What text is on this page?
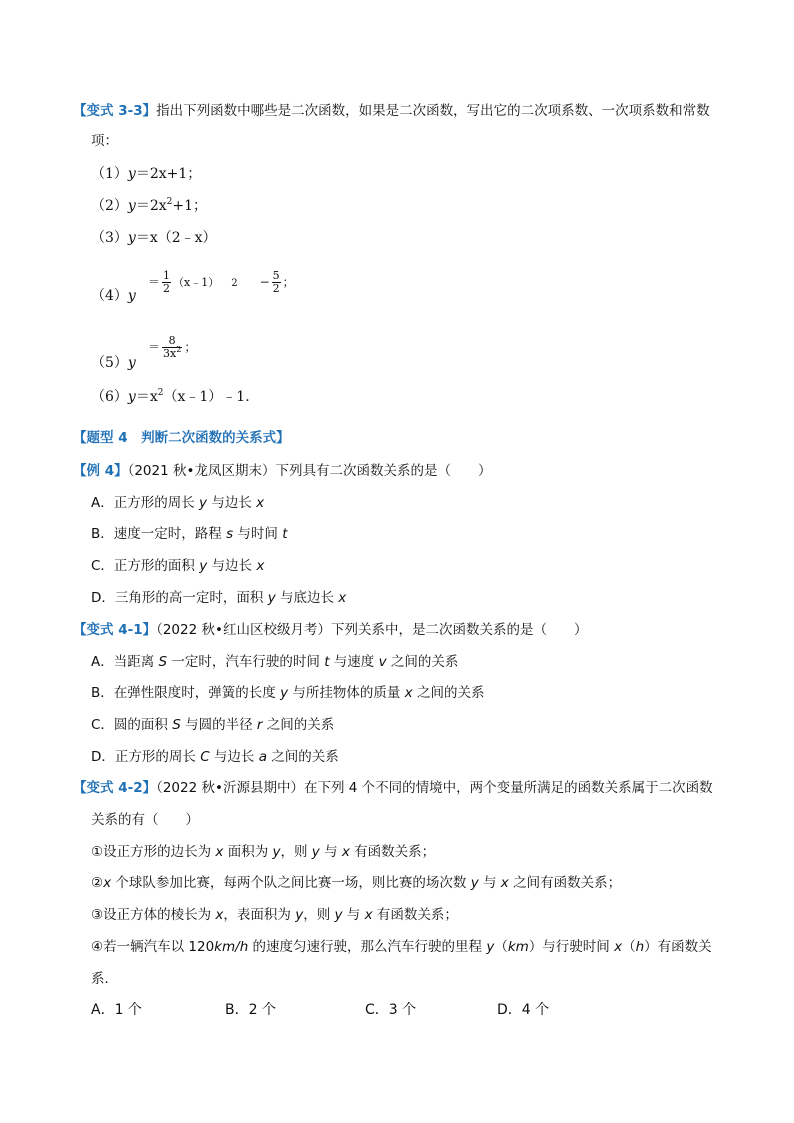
【变式 3-3】指出下列函数中哪些是二次函数，如果是二次函数，写出它的二次项系数、一次项系数和常数
项：
（1）y＝2x+1；
$(2)y=2x^2+1$；
（3）y＝x（2﹣x）
（4）y
＝ $\frac{1}{2}$ （x﹣1） $2 - \frac{5}{2}$ ；
（5）y
＝ $\frac{8}{3x^2}$ ；
$(6)y=x^2(x﹣1)﹣1$.
【题型 4　判断二次函数的关系式】
【例 4】（2021 秋•龙凤区期末）下列具有二次函数关系的是（　　）
A．正方形的周长 y 与边长 x
B．速度一定时，路程 s 与时间 t
C．正方形的面积 y 与边长 x
D．三角形的高一定时，面积 y 与底边长 x
【变式 4-1】（2022 秋•红山区校级月考）下列关系中，是二次函数关系的是（　　）
A．当距离 S 一定时，汽车行驶的时间 t 与速度 v 之间的关系
B．在弹性限度时，弹簧的长度 y 与所挂物体的质量 x 之间的关系
C．圆的面积 S 与圆的半径 r 之间的关系
D．正方形的周长 C 与边长 a 之间的关系
【变式 4-2】（2022 秋•沂源县期中）在下列 4 个不同的情境中，两个变量所满足的函数关系属于二次函数
关系的有（　　）
①设正方形的边长为 x 面积为 y，则 y 与 x 有函数关系；
②x 个球队参加比赛，每两个队之间比赛一场，则比赛的场次数 y 与 x 之间有函数关系；
③设正方体的棱长为 x，表面积为 y，则 y 与 x 有函数关系；
④若一辆汽车以 120km/h 的速度匀速行驶，那么汽车行驶的里程 y（km）与行驶时间 x（h）有函数关
系．
A．1 个	B．2 个	C．3 个	D．4 个
